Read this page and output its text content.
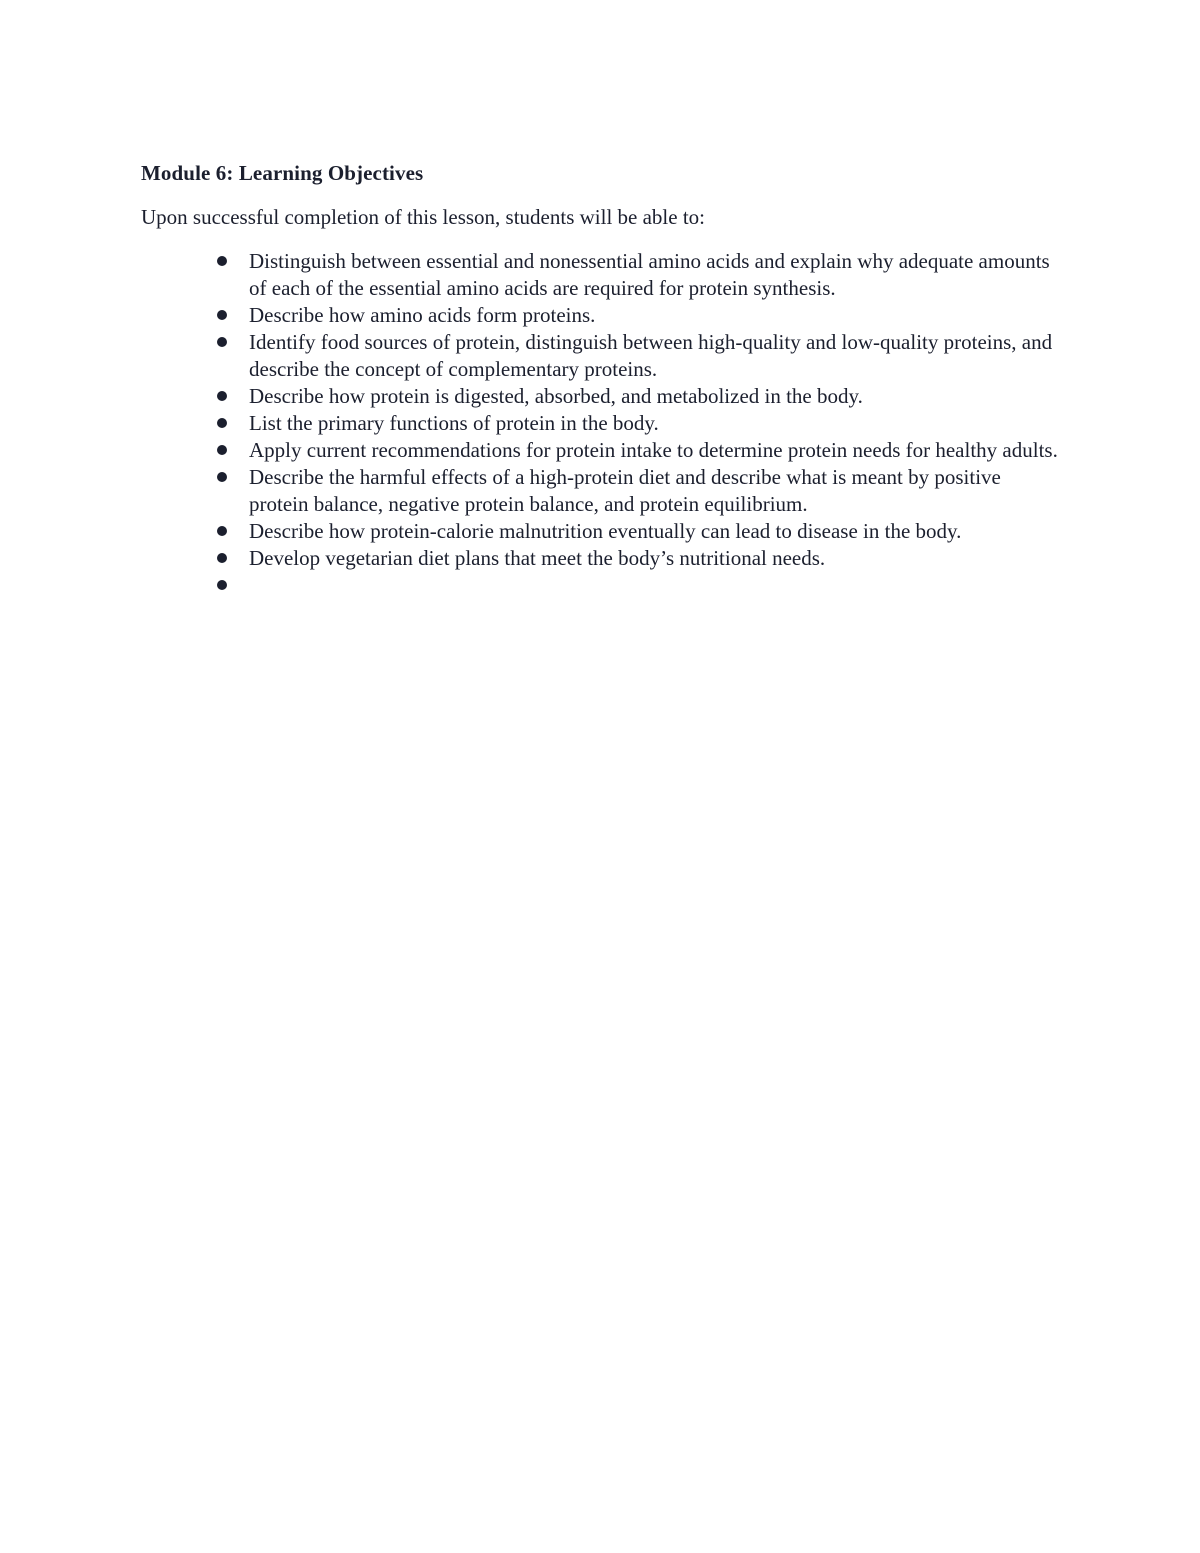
Module 6: Learning Objectives
Upon successful completion of this lesson, students will be able to:
Distinguish between essential and nonessential amino acids and explain why adequate amounts of each of the essential amino acids are required for protein synthesis.
Describe how amino acids form proteins.
Identify food sources of protein, distinguish between high-quality and low-quality proteins, and describe the concept of complementary proteins.
Describe how protein is digested, absorbed, and metabolized in the body.
List the primary functions of protein in the body.
Apply current recommendations for protein intake to determine protein needs for healthy adults.
Describe the harmful effects of a high-protein diet and describe what is meant by positive protein balance, negative protein balance, and protein equilibrium.
Describe how protein-calorie malnutrition eventually can lead to disease in the body.
Develop vegetarian diet plans that meet the body’s nutritional needs.
